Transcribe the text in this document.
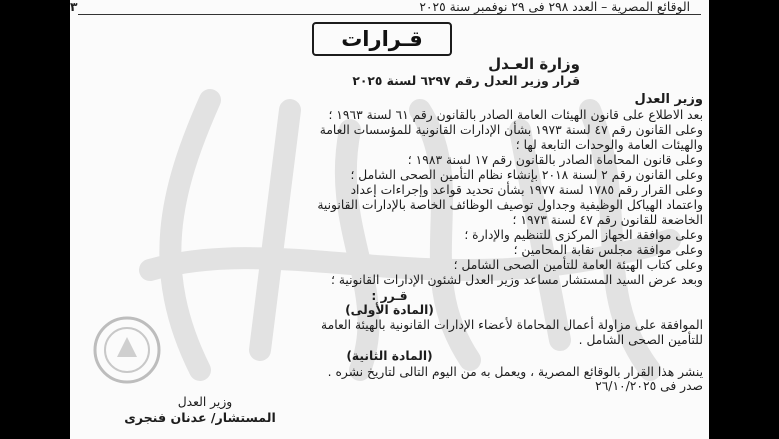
٣	الوقائع المصرية – العدد ٢٩٨ فى ٢٩ نوفمبر سنة ٢٠٢٥
قـرارات
وزارة العـدل
قرار وزير العدل رقم ٦٢٩٧ لسنة ٢٠٢٥
وزير العدل
بعد الاطلاع على قانون الهيئات العامة الصادر بالقانون رقم ٦١ لسنة ١٩٦٣ ؛
وعلى القانون رقم ٤٧ لسنة ١٩٧٣ بشأن الإدارات القانونية للمؤسسات العامة
والهيئات العامة والوحدات التابعة لها ؛
وعلى قانون المحاماة الصادر بالقانون رقم ١٧ لسنة ١٩٨٣ ؛
وعلى القانون رقم ٢ لسنة ٢٠١٨ بإنشاء نظام التأمين الصحى الشامل ؛
وعلى القرار رقم ١٧٨٥ لسنة ١٩٧٧ بشأن تحديد قواعد وإجراءات إعداد
واعتماد الهياكل الوظيفية وجداول توصيف الوظائف الخاصة بالإدارات القانونية
الخاضعة للقانون رقم ٤٧ لسنة ١٩٧٣ ؛
وعلى موافقة الجهاز المركزى للتنظيم والإدارة ؛
وعلى موافقة مجلس نقابة المحامين ؛
وعلى كتاب الهيئة العامة للتأمين الصحى الشامل ؛
وبعد عرض السيد المستشار مساعد وزير العدل لشئون الإدارات القانونية ؛
قـرر :
(المادة الأولى)
الموافقة على مزاولة أعمال المحاماة لأعضاء الإدارات القانونية بالهيئة العامة
للتأمين الصحى الشامل .
(المادة الثانية)
ينشر هذا القرار بالوقائع المصرية ، ويعمل به من اليوم التالى لتاريخ نشره .
صدر فى ٢٦/١٠/٢٠٢٥
وزير العدل
المستشار/ عدنان فنجرى
